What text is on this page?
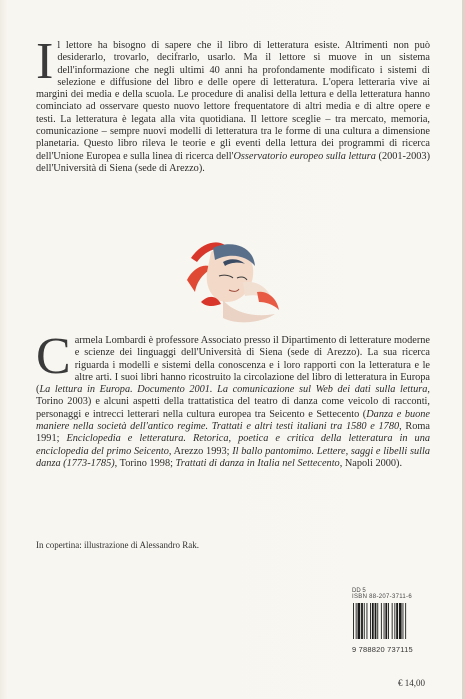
I l lettore ha bisogno di sapere che il libro di letteratura esiste. Altrimenti non può desiderarlo, trovarlo, decifrarlo, usarlo. Ma il lettore si muove in un sistema dell'informazione che negli ultimi 40 anni ha profondamente modificato i sistemi di selezione e diffusione del libro e delle opere di letteratura. L'opera letteraria vive ai margini dei media e della scuola. Le procedure di analisi della lettura e della letteratura hanno cominciato ad osservare questo nuovo lettore frequentatore di altri media e di altre opere e testi. La letteratura è legata alla vita quotidiana. Il lettore sceglie – tra mercato, memoria, comunicazione – sempre nuovi modelli di letteratura tra le forme di una cultura a dimensione planetaria. Questo libro rileva le teorie e gli eventi della lettura dei programmi di ricerca dell'Unione Europea e sulla linea di ricerca dell'Osservatorio europeo sulla lettura (2001-2003) dell'Università di Siena (sede di Arezzo).

C armela Lombardi è professore Associato presso il Dipartimento di letterature moderne e scienze dei linguaggi dell'Università di Siena (sede di Arezzo). La sua ricerca riguarda i modelli e sistemi della conoscenza e i loro rapporti con la letteratura e le altre arti. I suoi libri hanno ricostruito la circolazione del libro di letteratura in Europa (La lettura in Europa. Documento 2001. La comunicazione sul Web dei dati sulla lettura, Torino 2003) e alcuni aspetti della trattatistica del teatro di danza come veicolo di racconti, personaggi e intrecci letterari nella cultura europea tra Seicento e Settecento (Danza e buone maniere nella società dell'antico regime. Trattati e altri testi italiani tra 1580 e 1780, Roma 1991; Enciclopedia e letteratura. Retorica, poetica e critica della letteratura in una enciclopedia del primo Seicento, Arezzo 1993; Il ballo pantomimo. Lettere, saggi e libelli sulla danza (1773-1785), Torino 1998; Trattati di danza in Italia nel Settecento, Napoli 2000).

In copertina: illustrazione di Alessandro Rak.
DD 5
ISBN 88-207-3711-6
9 788820 737115
€ 14,00
